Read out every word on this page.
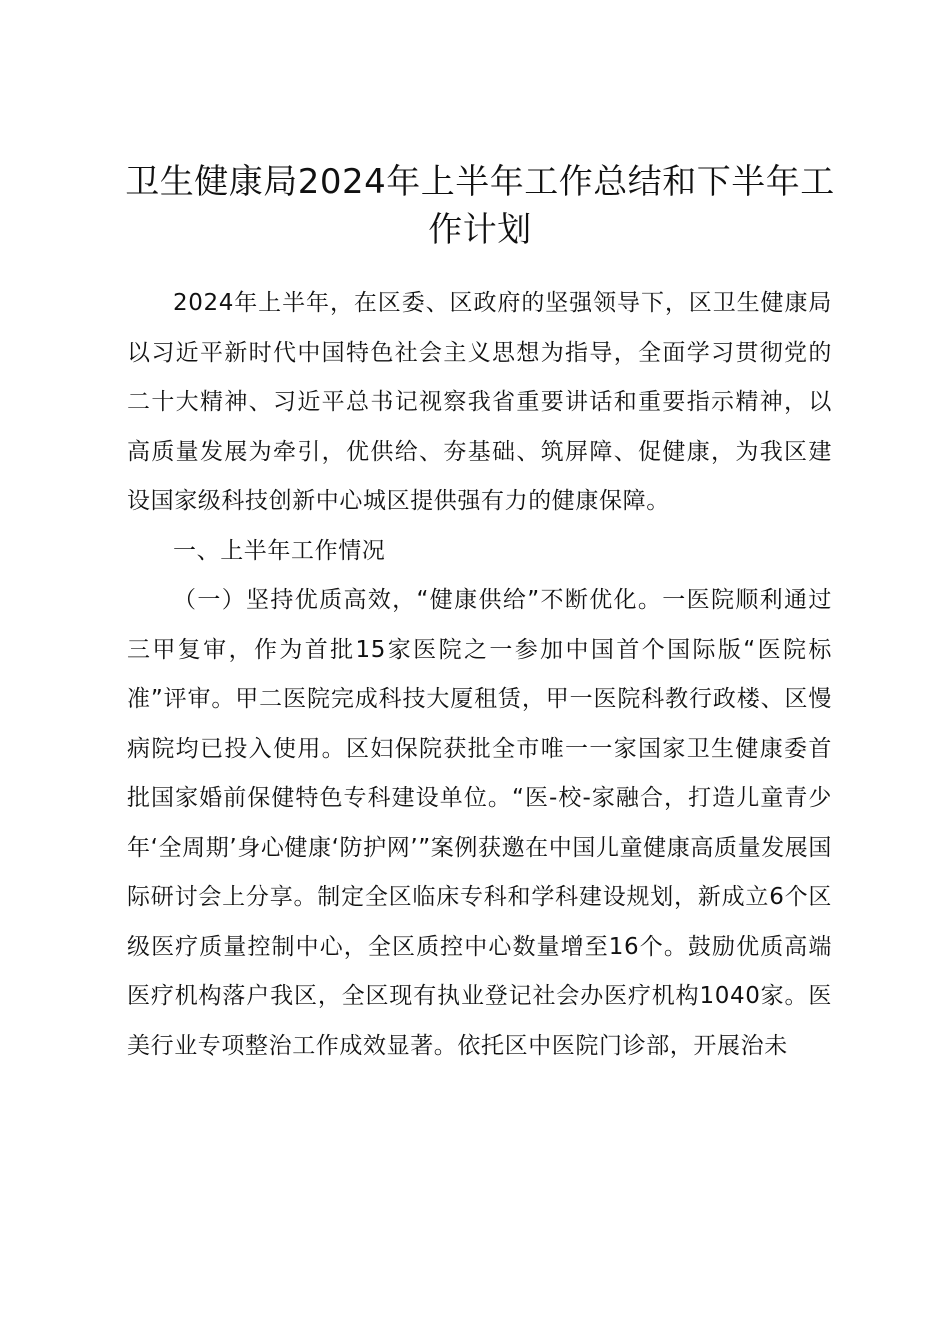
卫生健康局2024年上半年工作总结和下半年工作计划

2024年上半年，在区委、区政府的坚强领导下，区卫生健康局以习近平新时代中国特色社会主义思想为指导，全面学习贯彻党的二十大精神、习近平总书记视察我省重要讲话和重要指示精神，以高质量发展为牵引，优供给、夯基础、筑屏障、促健康，为我区建设国家级科技创新中心城区提供强有力的健康保障。

一、上半年工作情况

（一）坚持优质高效，“健康供给”不断优化。一医院顺利通过三甲复审，作为首批15家医院之一参加中国首个国际版“医院标准”评审。甲二医院完成科技大厦租赁，甲一医院科教行政楼、区慢病院均已投入使用。区妇保院获批全市唯一一家国家卫生健康委首批国家婚前保健特色专科建设单位。“医-校-家融合，打造儿童青少年‘全周期’身心健康‘防护网’”案例获邀在中国儿童健康高质量发展国际研讨会上分享。制定全区临床专科和学科建设规划，新成立6个区级医疗质量控制中心，全区质控中心数量增至16个。鼓励优质高端医疗机构落户我区，全区现有执业登记社会办医疗机构1040家。医美行业专项整治工作成效显著。依托区中医院门诊部，开展治未
